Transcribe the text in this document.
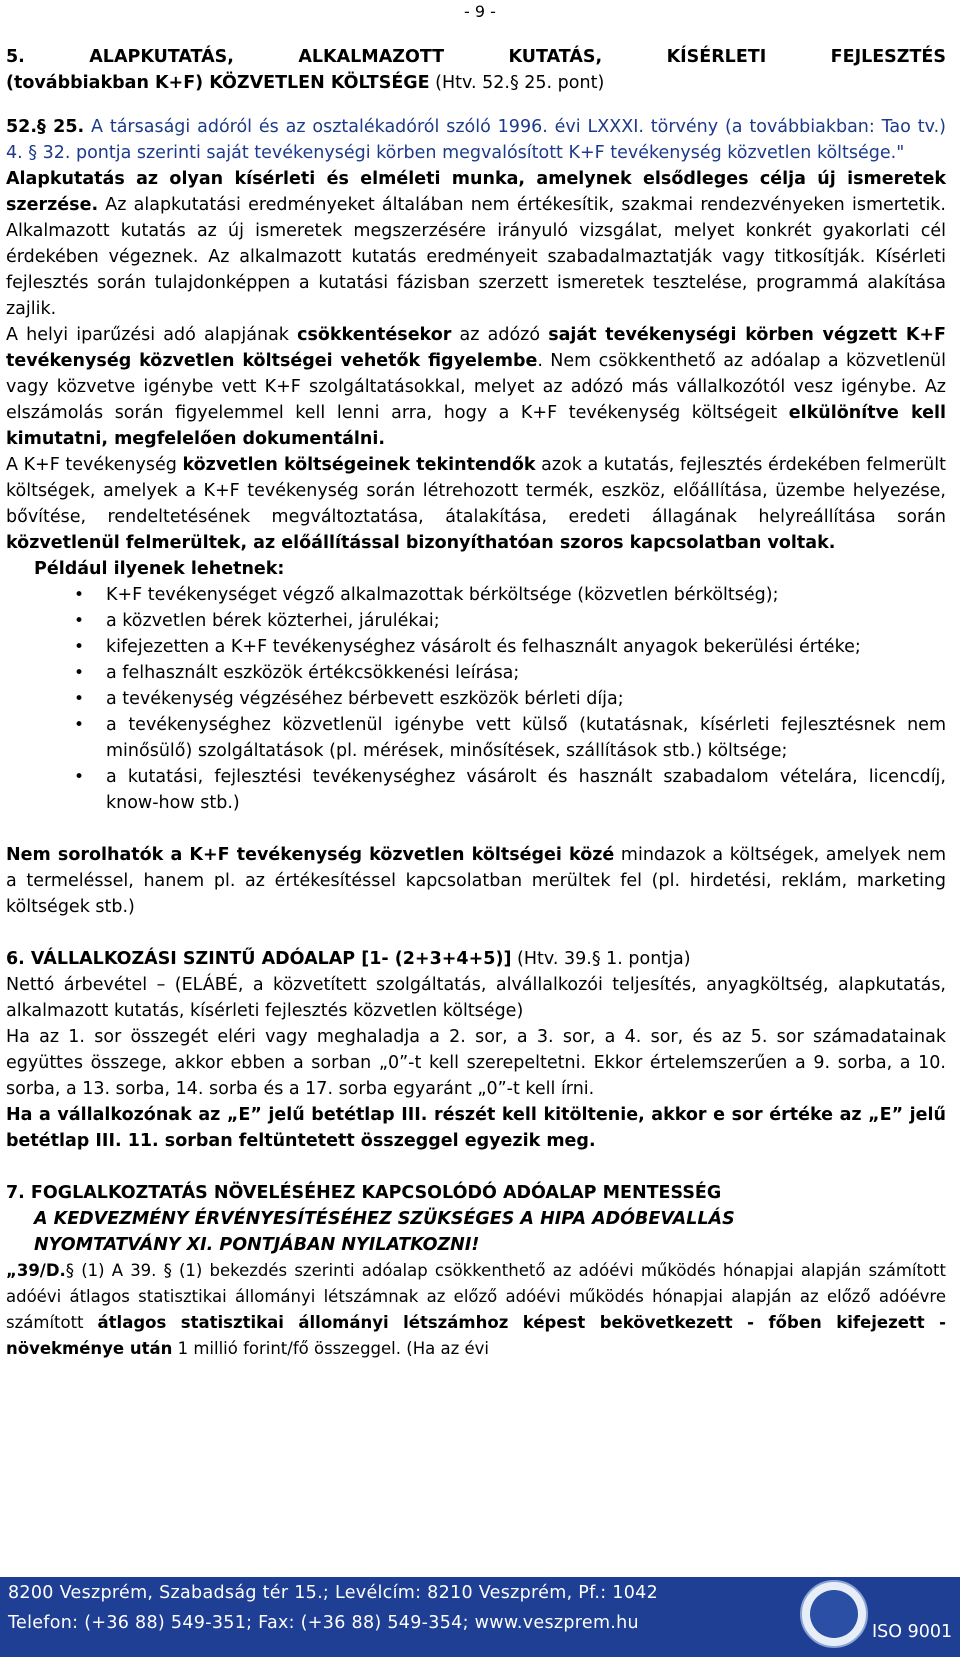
- 9 -
5.	ALAPKUTATÁS,	ALKALMAZOTT	KUTATÁS,	KÍSÉRLETI	FEJLESZTÉS

(továbbiakban K+F) KÖZVETLEN KÖLTSÉGE (Htv. 52.§ 25. pont)

52.§ 25. A társasági adóról és az osztalékadóról szóló 1996. évi LXXXI. törvény (a továbbiakban: Tao tv.) 4. § 32. pontja szerinti saját tevékenységi körben megvalósított K+F tevékenység közvetlen költsége."

Alapkutatás az olyan kísérleti és elméleti munka, amelynek elsődleges célja új ismeretek szerzése. Az alapkutatási eredményeket általában nem értékesítik, szakmai rendezvényeken ismertetik. Alkalmazott kutatás az új ismeretek megszerzésére irányuló vizsgálat, melyet konkrét gyakorlati cél érdekében végeznek. Az alkalmazott kutatás eredményeit szabadalmaztatják vagy titkosítják. Kísérleti fejlesztés során tulajdonképpen a kutatási fázisban szerzett ismeretek tesztelése, programmá alakítása zajlik.

A helyi iparűzési adó alapjának csökkentésekor az adózó saját tevékenységi körben végzett K+F tevékenység közvetlen költségei vehetők figyelembe. Nem csökkenthető az adóalap a közvetlenül vagy közvetve igénybe vett K+F szolgáltatásokkal, melyet az adózó más vállalkozótól vesz igénybe. Az elszámolás során figyelemmel kell lenni arra, hogy a K+F tevékenység költségeit elkülönítve kell kimutatni, megfelelően dokumentálni.

A K+F tevékenység közvetlen költségeinek tekintendők azok a kutatás, fejlesztés érdekében felmerült költségek, amelyek a K+F tevékenység során létrehozott termék, eszköz, előállítása, üzembe helyezése, bővítése, rendeltetésének megváltoztatása, átalakítása, eredeti állagának helyreállítása során közvetlenül felmerültek, az előállítással bizonyíthatóan szoros kapcsolatban voltak.

Például ilyenek lehetnek:

• K+F tevékenységet végző alkalmazottak bérköltsége (közvetlen bérköltség);
• a közvetlen bérek közterhei, járulékai;
• kifejezetten a K+F tevékenységhez vásárolt és felhasznált anyagok bekerülési értéke;
• a felhasznált eszközök értékcsökkenési leírása;
• a tevékenység végzéséhez bérbevett eszközök bérleti díja;
• a tevékenységhez közvetlenül igénybe vett külső (kutatásnak, kísérleti fejlesztésnek nem minősülő) szolgáltatások (pl. mérések, minősítések, szállítások stb.) költsége;
• a kutatási, fejlesztési tevékenységhez vásárolt és használt szabadalom vételára, licencdíj, know-how stb.)

Nem sorolhatók a K+F tevékenység közvetlen költségei közé mindazok a költségek, amelyek nem a termeléssel, hanem pl. az értékesítéssel kapcsolatban merültek fel (pl. hirdetési, reklám, marketing költségek stb.)

6. VÁLLALKOZÁSI SZINTŰ ADÓALAP [1- (2+3+4+5)] (Htv. 39.§ 1. pontja)

Nettó árbevétel – (ELÁBÉ, a közvetített szolgáltatás, alvállalkozói teljesítés, anyagköltség, alapkutatás, alkalmazott kutatás, kísérleti fejlesztés közvetlen költsége)

Ha az 1. sor összegét eléri vagy meghaladja a 2. sor, a 3. sor, a 4. sor, és az 5. sor számadatainak együttes összege, akkor ebben a sorban „0”-t kell szerepeltetni. Ekkor értelemszerűen a 9. sorba, a 10. sorba, a 13. sorba, 14. sorba és a 17. sorba egyaránt „0”-t kell írni.

Ha a vállalkozónak az „E” jelű betétlap III. részét kell kitöltenie, akkor e sor értéke az „E” jelű betétlap III. 11. sorban feltüntetett összeggel egyezik meg.

7. FOGLALKOZTATÁS NÖVELÉSÉHEZ KAPCSOLÓDÓ ADÓALAP MENTESSÉG

A KEDVEZMÉNY ÉRVÉNYESÍTÉSÉHEZ SZÜKSÉGES A HIPA ADÓBEVALLÁS

NYOMTATVÁNY XI. PONTJÁBAN NYILATKOZNI!

„39/D.§ (1) A 39. § (1) bekezdés szerinti adóalap csökkenthető az adóévi működés hónapjai alapján számított adóévi átlagos statisztikai állományi létszámnak az előző adóévi működés hónapjai alapján az előző adóévre számított átlagos statisztikai állományi létszámhoz képest bekövetkezett - főben kifejezett - növekménye után 1 millió forint/fő összeggel. (Ha az évi

8200 Veszprém, Szabadság tér 15.; Levélcím: 8210 Veszprém, Pf.: 1042
Telefon: (+36 88) 549-351; Fax: (+36 88) 549-354; www.veszprem.hu	ISO 9001
